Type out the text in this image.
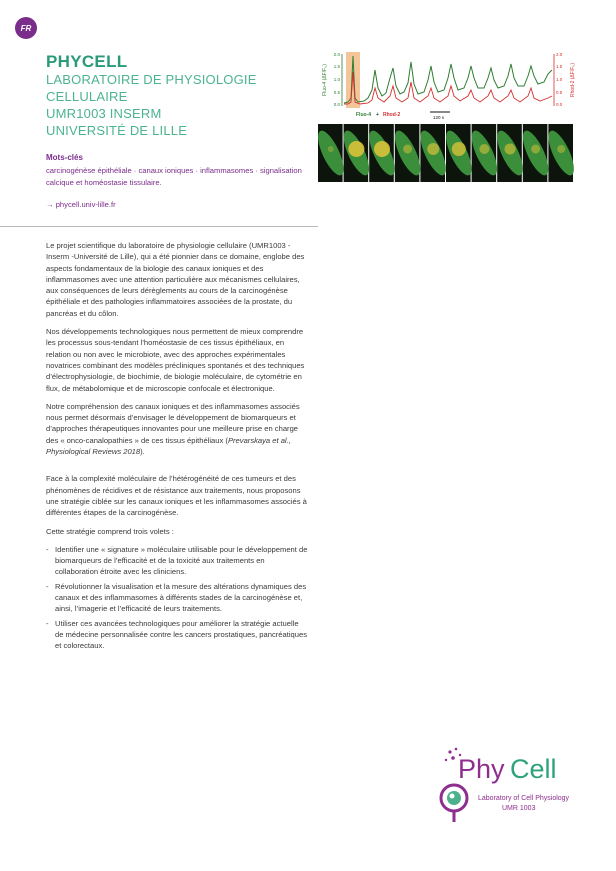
FR
PHYCELL
LABORATOIRE DE PHYSIOLOGIE
CELLULAIRE
UMR1003 INSERM
UNIVERSITÉ DE LILLE
Mots-clés
carcinogénèse épithéliale · canaux ioniques · inflammasomes · signalisation calcique et homéostasie tissulaire.
→ phycell.univ-lille.fr
0.0
0.5
1.0
1.5
2.0
Fluo-4 (ΔF/F₀)
0.0
0.5
1.0
1.5
2.0
Rhod-2 (ΔF/F₀)
Fluo-4 + Rhod-2	120 s

Le projet scientifique du laboratoire de physiologie cellulaire (UMR1003 - Inserm -Université de Lille), qui a été pionnier dans ce domaine, englobe des aspects fondamentaux de la biologie des canaux ioniques et des inflammasomes avec une attention particulière aux mécanismes cellulaires, aux conséquences de leurs dérèglements au cours de la carcinogénèse épithéliale et des pathologies inflammatoires associées de la prostate, du pancréas et du côlon.

Nos développements technologiques nous permettent de mieux comprendre les processus sous-tendant l’homéostasie de ces tissus épithéliaux, en relation ou non avec le microbiote, avec des approches expérimentales novatrices combinant des modèles précliniques spontanés et des techniques d’électrophysiologie, de biochimie, de biologie moléculaire, de cytométrie en flux, de métabolomique et de microscopie confocale et électronique.

Notre compréhension des canaux ioniques et des inflammasomes associés nous permet désormais d’envisager le développement de biomarqueurs et d’approches thérapeutiques innovantes pour une meilleure prise en charge des « onco-canalopathies » de ces tissus épithéliaux (Prevarskaya et al., Physiological Reviews 2018).

Face à la complexité moléculaire de l’hétérogénéité de ces tumeurs et des phénomènes de récidives et de résistance aux traitements, nous proposons une stratégie ciblée sur les canaux ioniques et les inflammasomes associés à différentes étapes de la carcinogénèse.

Cette stratégie comprend trois volets :

- Identifier une « signature » moléculaire utilisable pour le développement de biomarqueurs de l’efficacité et de la toxicité aux traitements en collaboration étroite avec les cliniciens.
- Révolutionner la visualisation et la mesure des altérations dynamiques des canaux et des inflammasomes à différents stades de la carcinogénèse et, ainsi, l’imagerie et l’efficacité de leurs traitements.
- Utiliser ces avancées technologiques pour améliorer la stratégie actuelle de médecine personnalisée contre les cancers prostatiques, pancréatiques et colorectaux.
Phy Cell
Laboratory of Cell Physiology
UMR 1003
